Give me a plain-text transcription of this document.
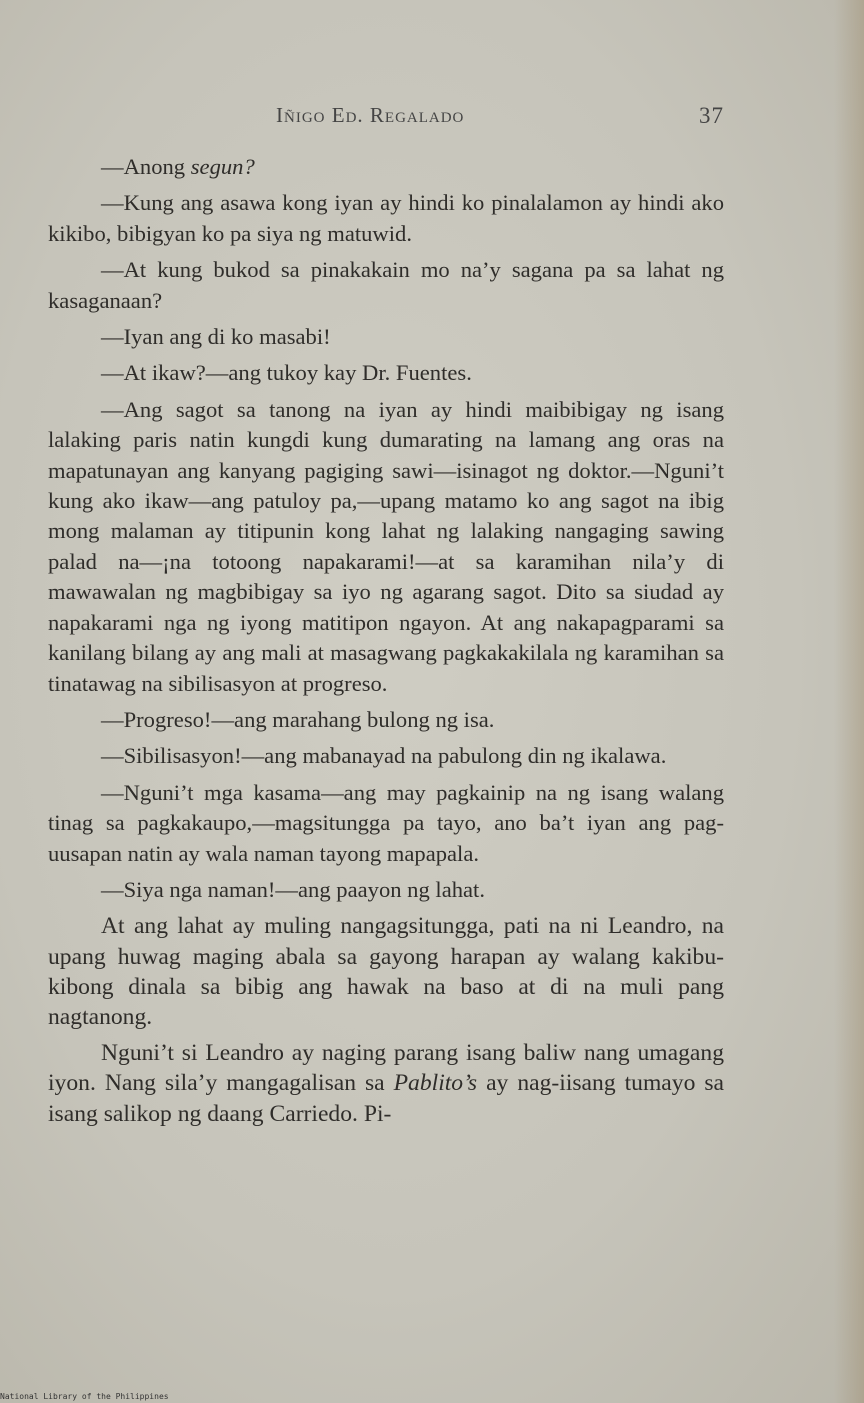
Iñigo Ed. Regalado	37

—Anong segun?

—Kung ang asawa kong iyan ay hindi ko pinalalamon ay hindi ako kikibo, bibigyan ko pa siya ng matuwid.

—At kung bukod sa pinakakain mo na’y sagana pa sa lahat ng kasaganaan?

—Iyan ang di ko masabi!

—At ikaw?—ang tukoy kay Dr. Fuentes.

—Ang sagot sa tanong na iyan ay hindi maibibigay ng isang lalaking paris natin kungdi kung dumarating na lamang ang oras na mapatunayan ang kanyang pagiging sawi—isinagot ng doktor.—Nguni’t kung ako ikaw—ang patuloy pa,—upang matamo ko ang sagot na ibig mong malaman ay titipunin kong lahat ng lalaking nangaging sawing palad na—¡na totoong napakarami!—at sa karamihan nila’y di mawawalan ng magbibigay sa iyo ng agarang sagot. Dito sa siudad ay napakarami nga ng iyong matitipon ngayon. At ang nakapagparami sa kanilang bilang ay ang mali at masagwang pagkakakilala ng karamihan sa tinatawag na sibilisasyon at progreso.

—Progreso!—ang marahang bulong ng isa.

—Sibilisasyon!—ang mabanayad na pabulong din ng ikalawa.

—Nguni’t mga kasama—ang may pagkainip na ng isang walang tinag sa pagkakaupo,—magsitungga pa tayo, ano ba’t iyan ang pag-uusapan natin ay wala naman tayong mapapala.

—Siya nga naman!—ang paayon ng lahat.

At ang lahat ay muling nangagsitungga, pati na ni Leandro, na upang huwag maging abala sa gayong harapan ay walang kakibu-kibong dinala sa bibig ang hawak na baso at di na muli pang nagtanong.

Nguni’t si Leandro ay naging parang isang baliw nang umagang iyon. Nang sila’y mangagalisan sa Pablito’s ay nag-iisang tumayo sa isang salikop ng daang Carriedo. Pi-

National Library of the Philippines
